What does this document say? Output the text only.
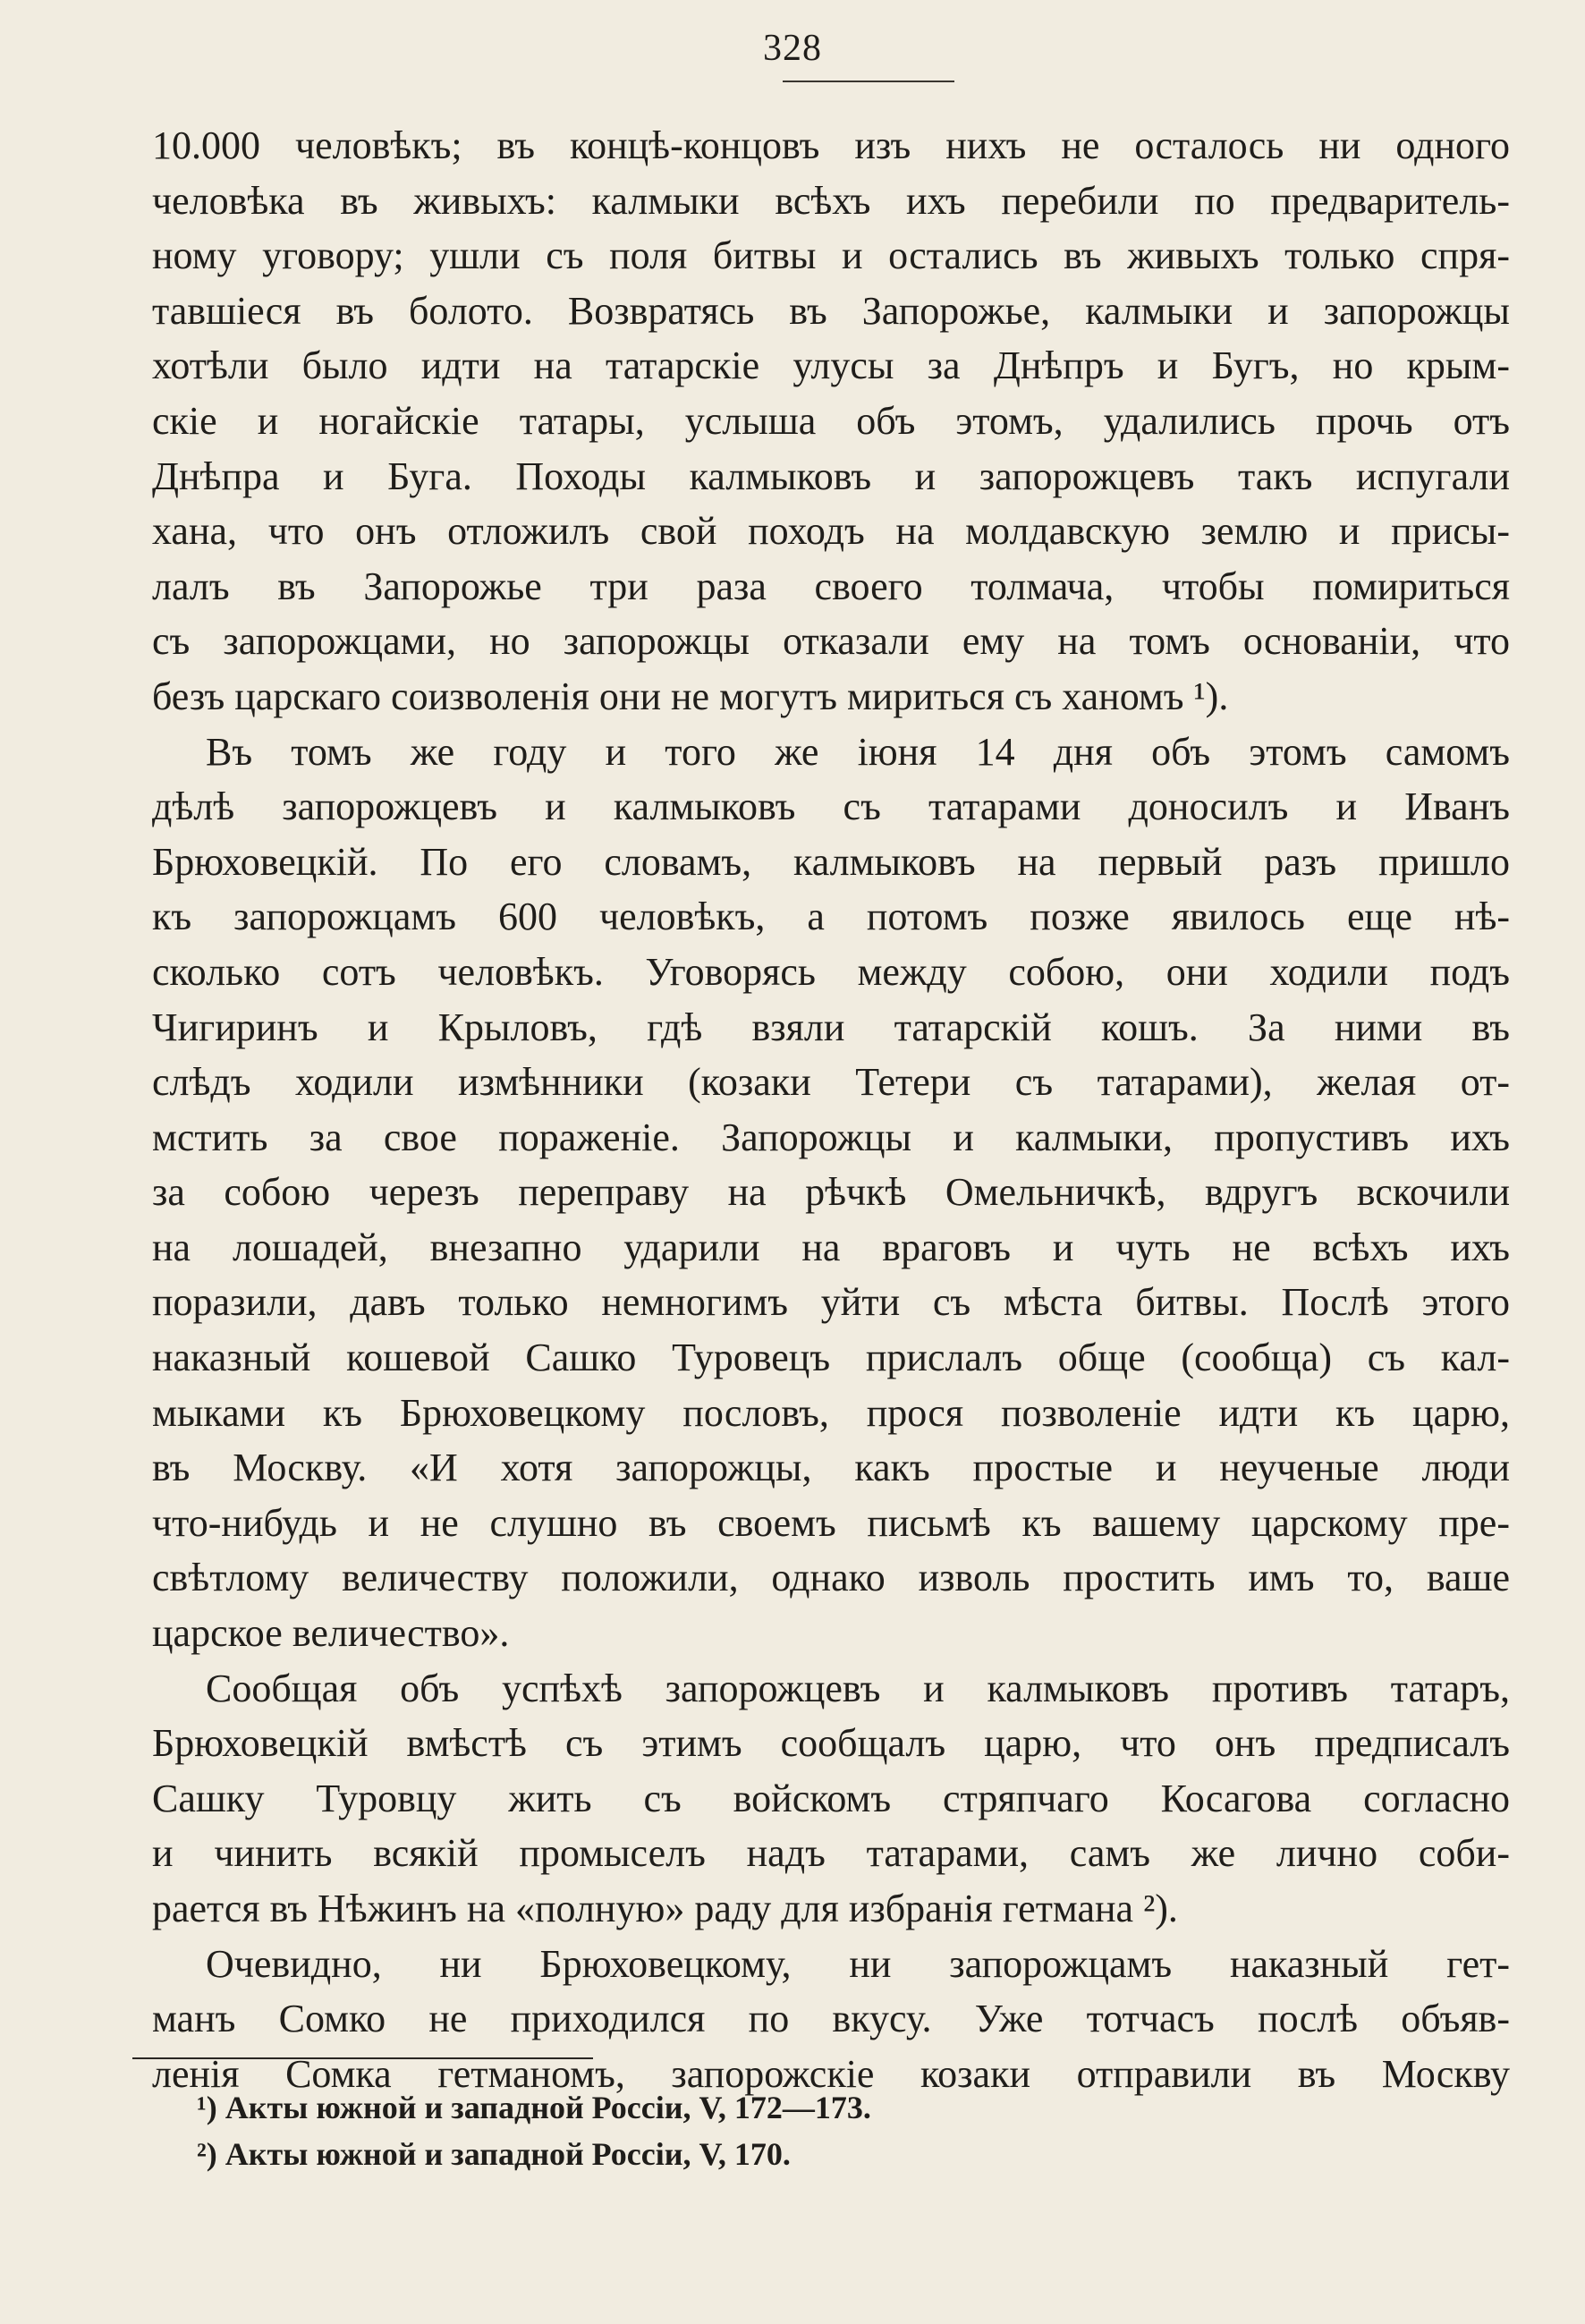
328
10.000 человѣкъ; въ концѣ-концовъ изъ нихъ не осталось ни одного
человѣка въ живыхъ: калмыки всѣхъ ихъ перебили по предваритель-
ному уговору; ушли съ поля битвы и остались въ живыхъ только спря-
тавшіеся въ болото. Возвратясь въ Запорожье, калмыки и запорожцы
хотѣли было идти на татарскіе улусы за Днѣпръ и Бугъ, но крым-
скіе и ногайскіе татары, услыша объ этомъ, удалились прочь отъ
Днѣпра и Буга. Походы калмыковъ и запорожцевъ такъ испугали
хана, что онъ отложилъ свой походъ на молдавскую землю и присы-
лалъ въ Запорожье три раза своего толмача, чтобы помириться
съ запорожцами, но запорожцы отказали ему на томъ основаніи, что
безъ царскаго соизволенія они не могутъ мириться съ ханомъ ¹).
Въ томъ же году и того же іюня 14 дня объ этомъ самомъ
дѣлѣ запорожцевъ и калмыковъ съ татарами доносилъ и Иванъ
Брюховецкій. По его словамъ, калмыковъ на первый разъ пришло
къ запорожцамъ 600 человѣкъ, а потомъ позже явилось еще нѣ-
сколько сотъ человѣкъ. Уговорясь между собою, они ходили подъ
Чигиринъ и Крыловъ, гдѣ взяли татарскій кошъ. За ними въ
слѣдъ ходили измѣнники (козаки Тетери съ татарами), желая от-
мстить за свое пораженіе. Запорожцы и калмыки, пропустивъ ихъ
за собою черезъ переправу на рѣчкѣ Омельничкѣ, вдругъ вскочили
на лошадей, внезапно ударили на враговъ и чуть не всѣхъ ихъ
поразили, давъ только немногимъ уйти съ мѣста битвы. Послѣ этого
наказный кошевой Сашко Туровецъ прислалъ обще (сообща) съ кал-
мыками къ Брюховецкому пословъ, прося позволеніе идти къ царю,
въ Москву. «И хотя запорожцы, какъ простые и неученые люди
что-нибудь и не слушно въ своемъ письмѣ къ вашему царскому пре-
свѣтлому величеству положили, однако изволь простить имъ то, ваше
царское величество».
Сообщая объ успѣхѣ запорожцевъ и калмыковъ противъ татаръ,
Брюховецкій вмѣстѣ съ этимъ сообщалъ царю, что онъ предписалъ
Сашку Туровцу жить съ войскомъ стряпчаго Косагова согласно
и чинить всякій промыселъ надъ татарами, самъ же лично соби-
рается въ Нѣжинъ на «полную» раду для избранія гетмана ²).
Очевидно, ни Брюховецкому, ни запорожцамъ наказный гет-
манъ Сомко не приходился по вкусу. Уже тотчасъ послѣ объяв-
ленія Сомка гетманомъ, запорожскіе козаки отправили въ Москву
¹) Акты южной и западной Россіи, V, 172—173.
²) Акты южной и западной Россіи, V, 170.
